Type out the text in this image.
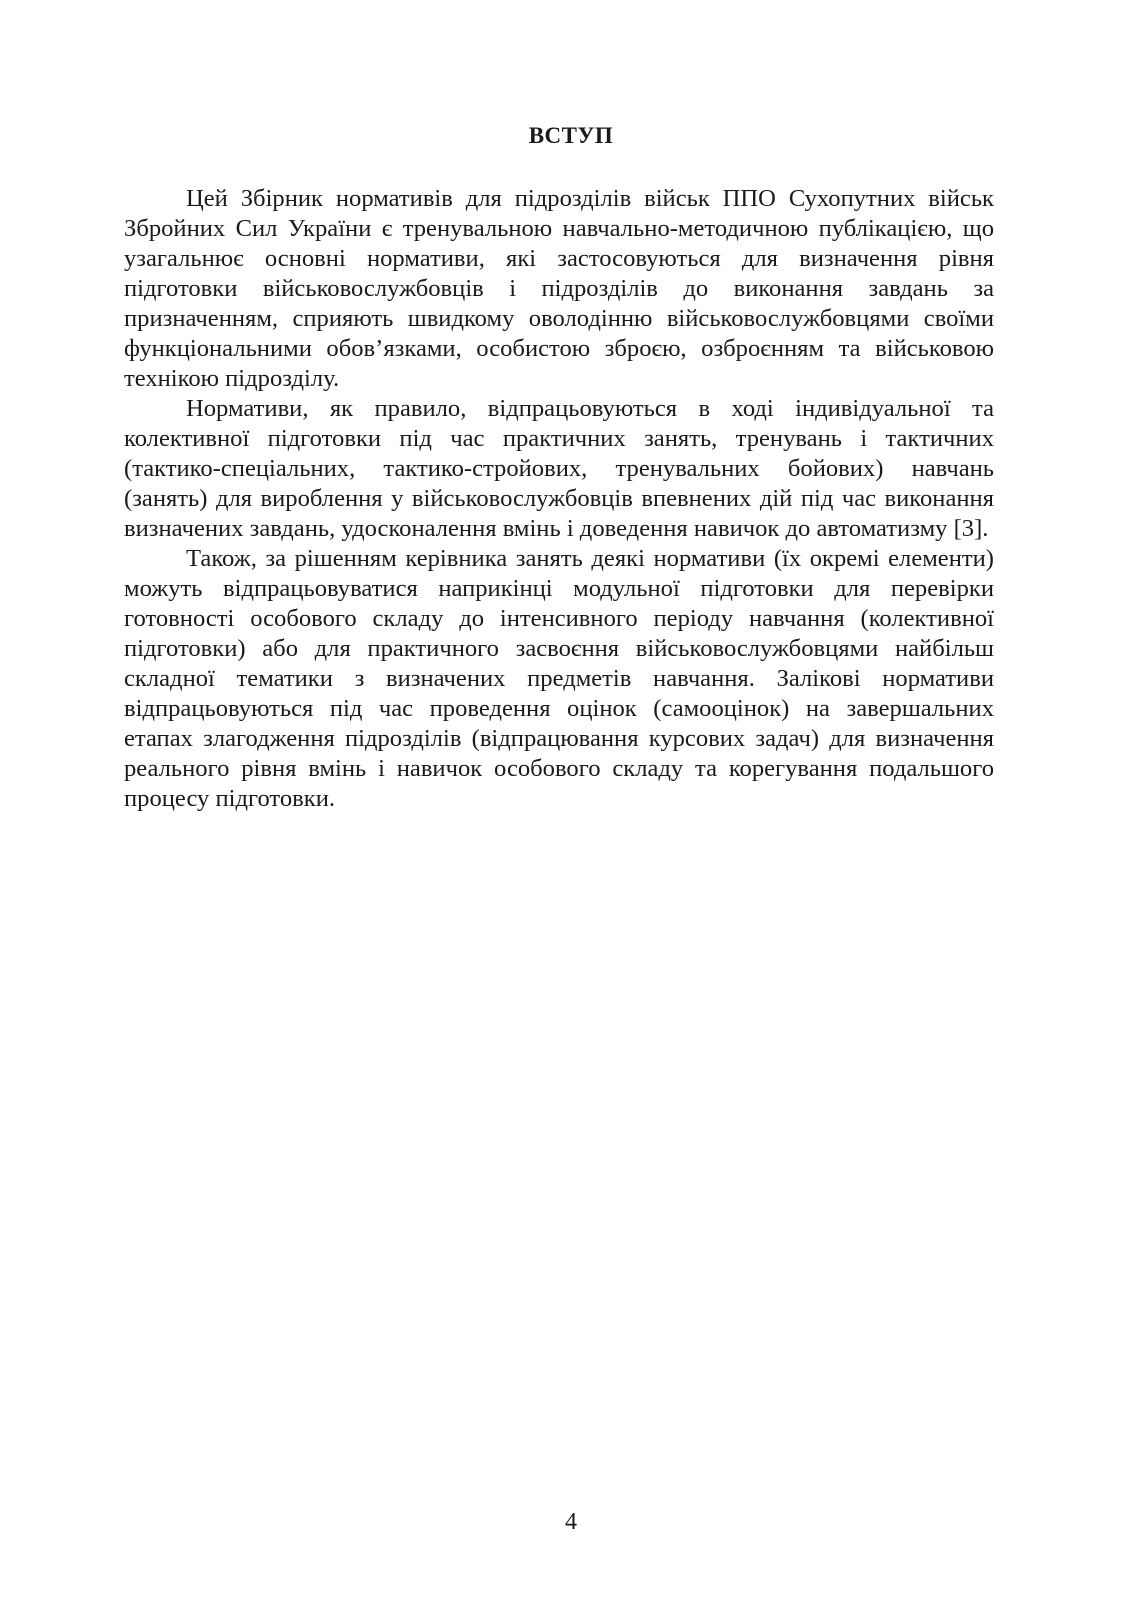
ВСТУП

Цей Збірник нормативів для підрозділів військ ППО Сухопутних військ Збройних Сил України є тренувальною навчально-методичною публікацією, що узагальнює основні нормативи, які застосовуються для визначення рівня підготовки військовослужбовців і підрозділів до виконання завдань за призначенням, сприяють швидкому оволодінню військовослужбовцями своїми функціональними обов’язками, особистою зброєю, озброєнням та військовою технікою підрозділу.

Нормативи, як правило, відпрацьовуються в ході індивідуальної та колективної підготовки під час практичних занять, тренувань і тактичних (тактико-спеціальних, тактико-стройових, тренувальних бойових) навчань (занять) для вироблення у військовослужбовців впевнених дій під час виконання визначених завдань, удосконалення вмінь і доведення навичок до автоматизму [3].

Також, за рішенням керівника занять деякі нормативи (їх окремі елементи) можуть відпрацьовуватися наприкінці модульної підготовки для перевірки готовності особового складу до інтенсивного періоду навчання (колективної підготовки) або для практичного засвоєння військовослужбовцями найбільш складної тематики з визначених предметів навчання. Залікові нормативи відпрацьовуються під час проведення оцінок (самооцінок) на завершальних етапах злагодження підрозділів (відпрацювання курсових задач) для визначення реального рівня вмінь і навичок особового складу та корегування подальшого процесу підготовки.

4
